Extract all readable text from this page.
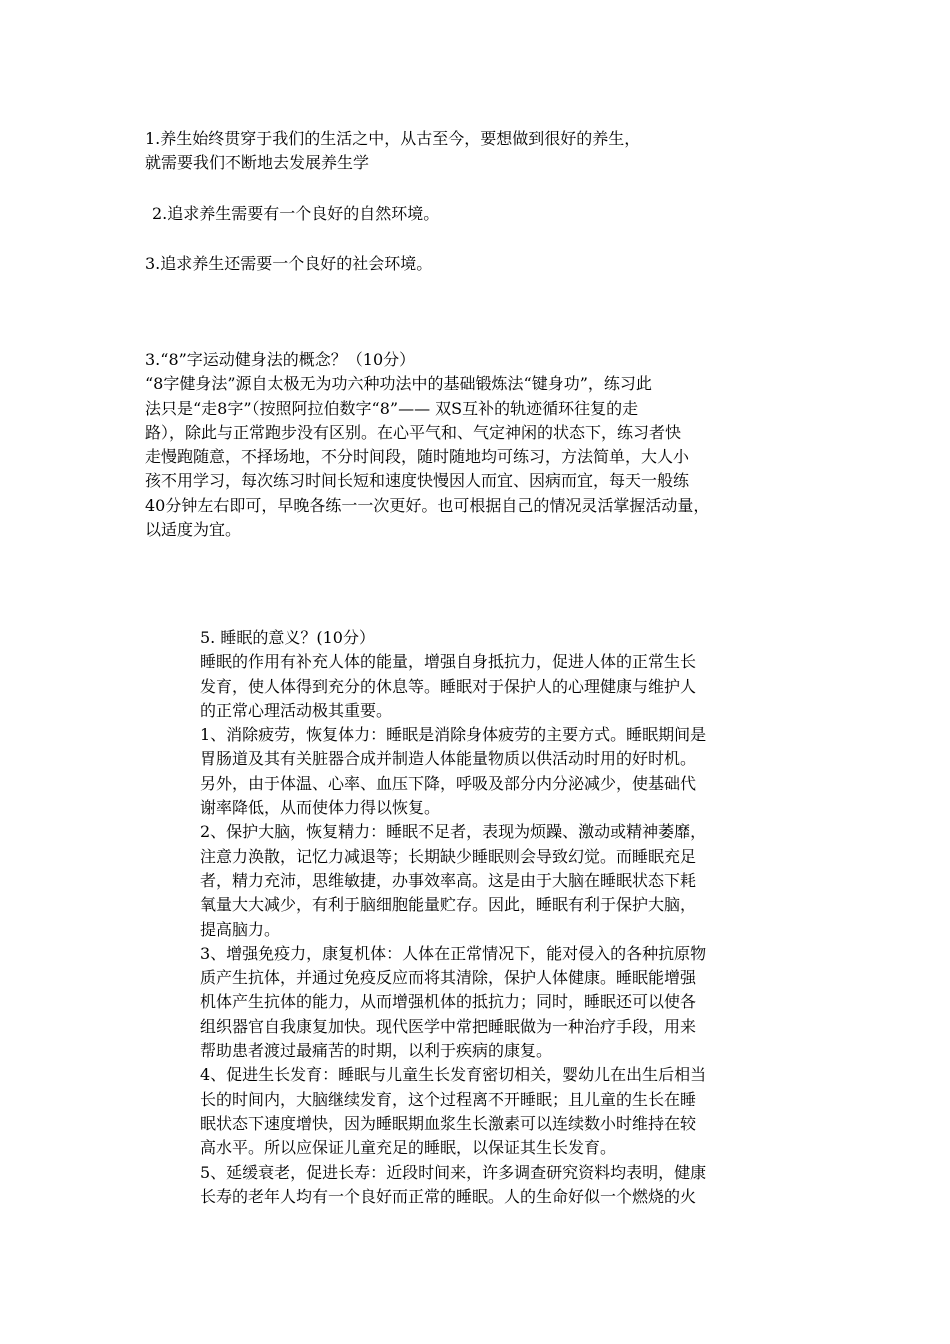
1.养生始终贯穿于我们的生活之中，从古至今，要想做到很好的养生，
就需要我们不断地去发展养生学
2.追求养生需要有一个良好的自然环境。
3.追求养生还需要一个良好的社会环境。
3.“8”字运动健身法的概念？（10分）
“8字健身法”源自太极无为功六种功法中的基础锻炼法“键身功”，练习此
法只是“走8字”（按照阿拉伯数字“8”—— 双S互补的轨迹循环往复的走
路），除此与正常跑步没有区别。在心平气和、气定神闲的状态下，练习者快
走慢跑随意，不择场地，不分时间段，随时随地均可练习，方法简单，大人小
孩不用学习，每次练习时间长短和速度快慢因人而宜、因病而宜，每天一般练
40分钟左右即可，早晚各练一一次更好。也可根据自己的情况灵活掌握活动量，
以适度为宜。
5. 睡眠的意义？(10分）
睡眠的作用有补充人体的能量，增强自身抵抗力，促进人体的正常生长
发育，使人体得到充分的休息等。睡眠对于保护人的心理健康与维护人
的正常心理活动极其重要。
1、消除疲劳，恢复体力：睡眠是消除身体疲劳的主要方式。睡眠期间是
胃肠道及其有关脏器合成并制造人体能量物质以供活动时用的好时机。
另外，由于体温、心率、血压下降，呼吸及部分内分泌减少，使基础代
谢率降低，从而使体力得以恢复。
2、保护大脑，恢复精力：睡眠不足者，表现为烦躁、激动或精神萎靡，
注意力涣散，记忆力减退等；长期缺少睡眠则会导致幻觉。而睡眠充足
者，精力充沛，思维敏捷，办事效率高。这是由于大脑在睡眠状态下耗
氧量大大减少，有利于脑细胞能量贮存。因此，睡眠有利于保护大脑，
提高脑力。
3、增强免疫力，康复机体：人体在正常情况下，能对侵入的各种抗原物
质产生抗体，并通过免疫反应而将其清除，保护人体健康。睡眠能增强
机体产生抗体的能力，从而增强机体的抵抗力；同时，睡眠还可以使各
组织器官自我康复加快。现代医学中常把睡眠做为一种治疗手段，用来
帮助患者渡过最痛苦的时期，以利于疾病的康复。
4、促进生长发育：睡眠与儿童生长发育密切相关，婴幼儿在出生后相当
长的时间内，大脑继续发育，这个过程离不开睡眠；且儿童的生长在睡
眠状态下速度增快，因为睡眠期血浆生长激素可以连续数小时维持在较
高水平。所以应保证儿童充足的睡眠，以保证其生长发育。
5、延缓衰老，促进长寿：近段时间来，许多调查研究资料均表明，健康
长寿的老年人均有一个良好而正常的睡眠。人的生命好似一个燃烧的火
